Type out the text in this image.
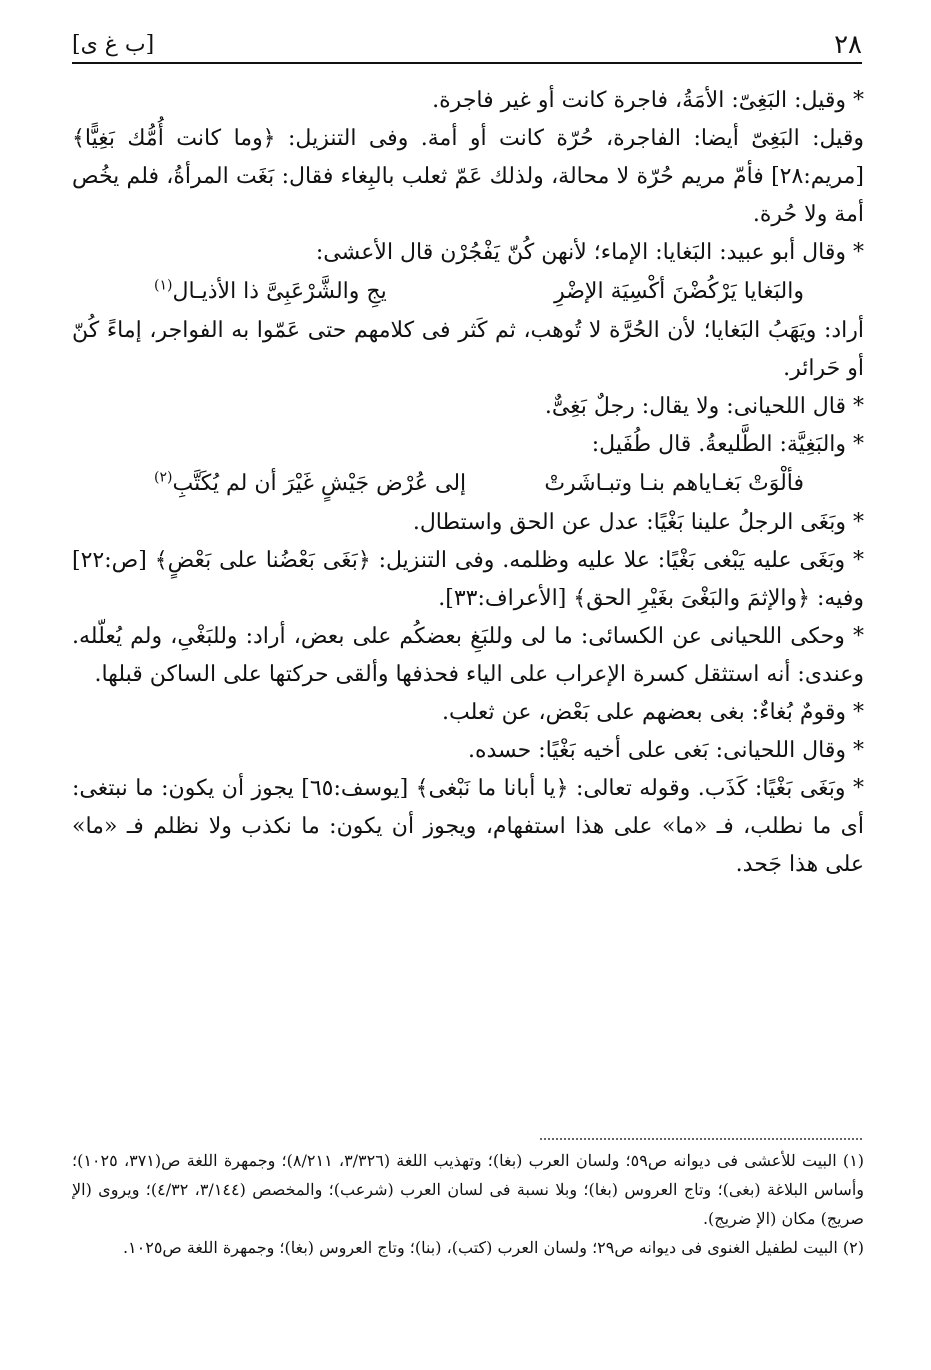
٢٨
[ب غ ى]

* وقيل: البَغِىّ: الأمَةُ، فاجرة كانت أو غير فاجرة.

وقيل: البَغِىّ أيضا: الفاجرة، حُرّة كانت أو أمة. وفى التنزيل: ﴿وما كانت أُمُّك بَغِيًّا﴾ [مريم:٢٨] فأمّ مريم حُرّة لا محالة، ولذلك عَمّ ثعلب بالبِغاء فقال: بَغَت المرأةُ، فلم يخُص أمة ولا حُرة.

* وقال أبو عبيد: البَغايا: الإماء؛ لأنهن كُنّ يَفْجُرْن قال الأعشى:

والبَغايا يَرْكُضْنَ أكْسِيَة الإضْرِ
يجِ والشَّرْعَبِىَّ ذا الأذيـال$^{(١)}$

أراد: ويَهَبُ البَغايا؛ لأن الحُرَّة لا تُوهب، ثم كَثر فى كلامهم حتى عَمّوا به الفواجر، إماءً كُنّ أو حَرائر.

* قال اللحيانى: ولا يقال: رجلٌ بَغِىٌّ.

* والبَغِيَّة: الطَّليعةُ. قال طُفَيل:

فألْوَتْ بَغـاياهم بنـا وتبـاشَرتْ
إلى عُرْض جَيْشٍ غَيْرَ أن لم يُكَتَّبِ$^{(٢)}$

* وبَغَى الرجلُ علينا بَغْيًا: عدل عن الحق واستطال.

* وبَغَى عليه يَبْغى بَغْيًا: علا عليه وظلمه. وفى التنزيل: ﴿بَغَى بَعْضُنا على بَعْضٍ﴾ [ص:٢٢] وفيه: ﴿والإثمَ والبَغْىَ بغَيْرِ الحق﴾ [الأعراف:٣٣].

* وحكى اللحيانى عن الكسائى: ما لى وللبَغِ بعضكُم على بعض، أراد: وللبَغْىِ، ولم يُعلّله. وعندى: أنه استثقل كسرة الإعراب على الياء فحذفها وألقى حركتها على الساكن قبلها.

* وقومٌ بُغاءٌ: بغى بعضهم على بَعْض، عن ثعلب.

* وقال اللحيانى: بَغى على أخيه بَغْيًا: حسده.

* وبَغَى بَغْيًا: كَذَب. وقوله تعالى: ﴿يا أبانا ما نَبْغى﴾ [يوسف:٦٥] يجوز أن يكون: ما نبتغى: أى ما نطلب، فـ «ما» على هذا استفهام، ويجوز أن يكون: ما نكذب ولا نظلم فـ «ما» على هذا جَحد.

(١) البيت للأعشى فى ديوانه ص٥٩؛ ولسان العرب (بغا)؛ وتهذيب اللغة (٣/٣٢٦، ٨/٢١١)؛ وجمهرة اللغة ص(٣٧١، ١٠٢٥)؛ وأساس البلاغة (بغى)؛ وتاج العروس (بغا)؛ وبلا نسبة فى لسان العرب (شرعب)؛ والمخصص (٣/١٤٤، ٤/٣٢)؛ ويروى (الإ صريج) مكان (الإ ضريج).

(٢) البيت لطفيل الغنوى فى ديوانه ص٢٩؛ ولسان العرب (كتب)، (بنا)؛ وتاج العروس (بغا)؛ وجمهرة اللغة ص١٠٢٥.
